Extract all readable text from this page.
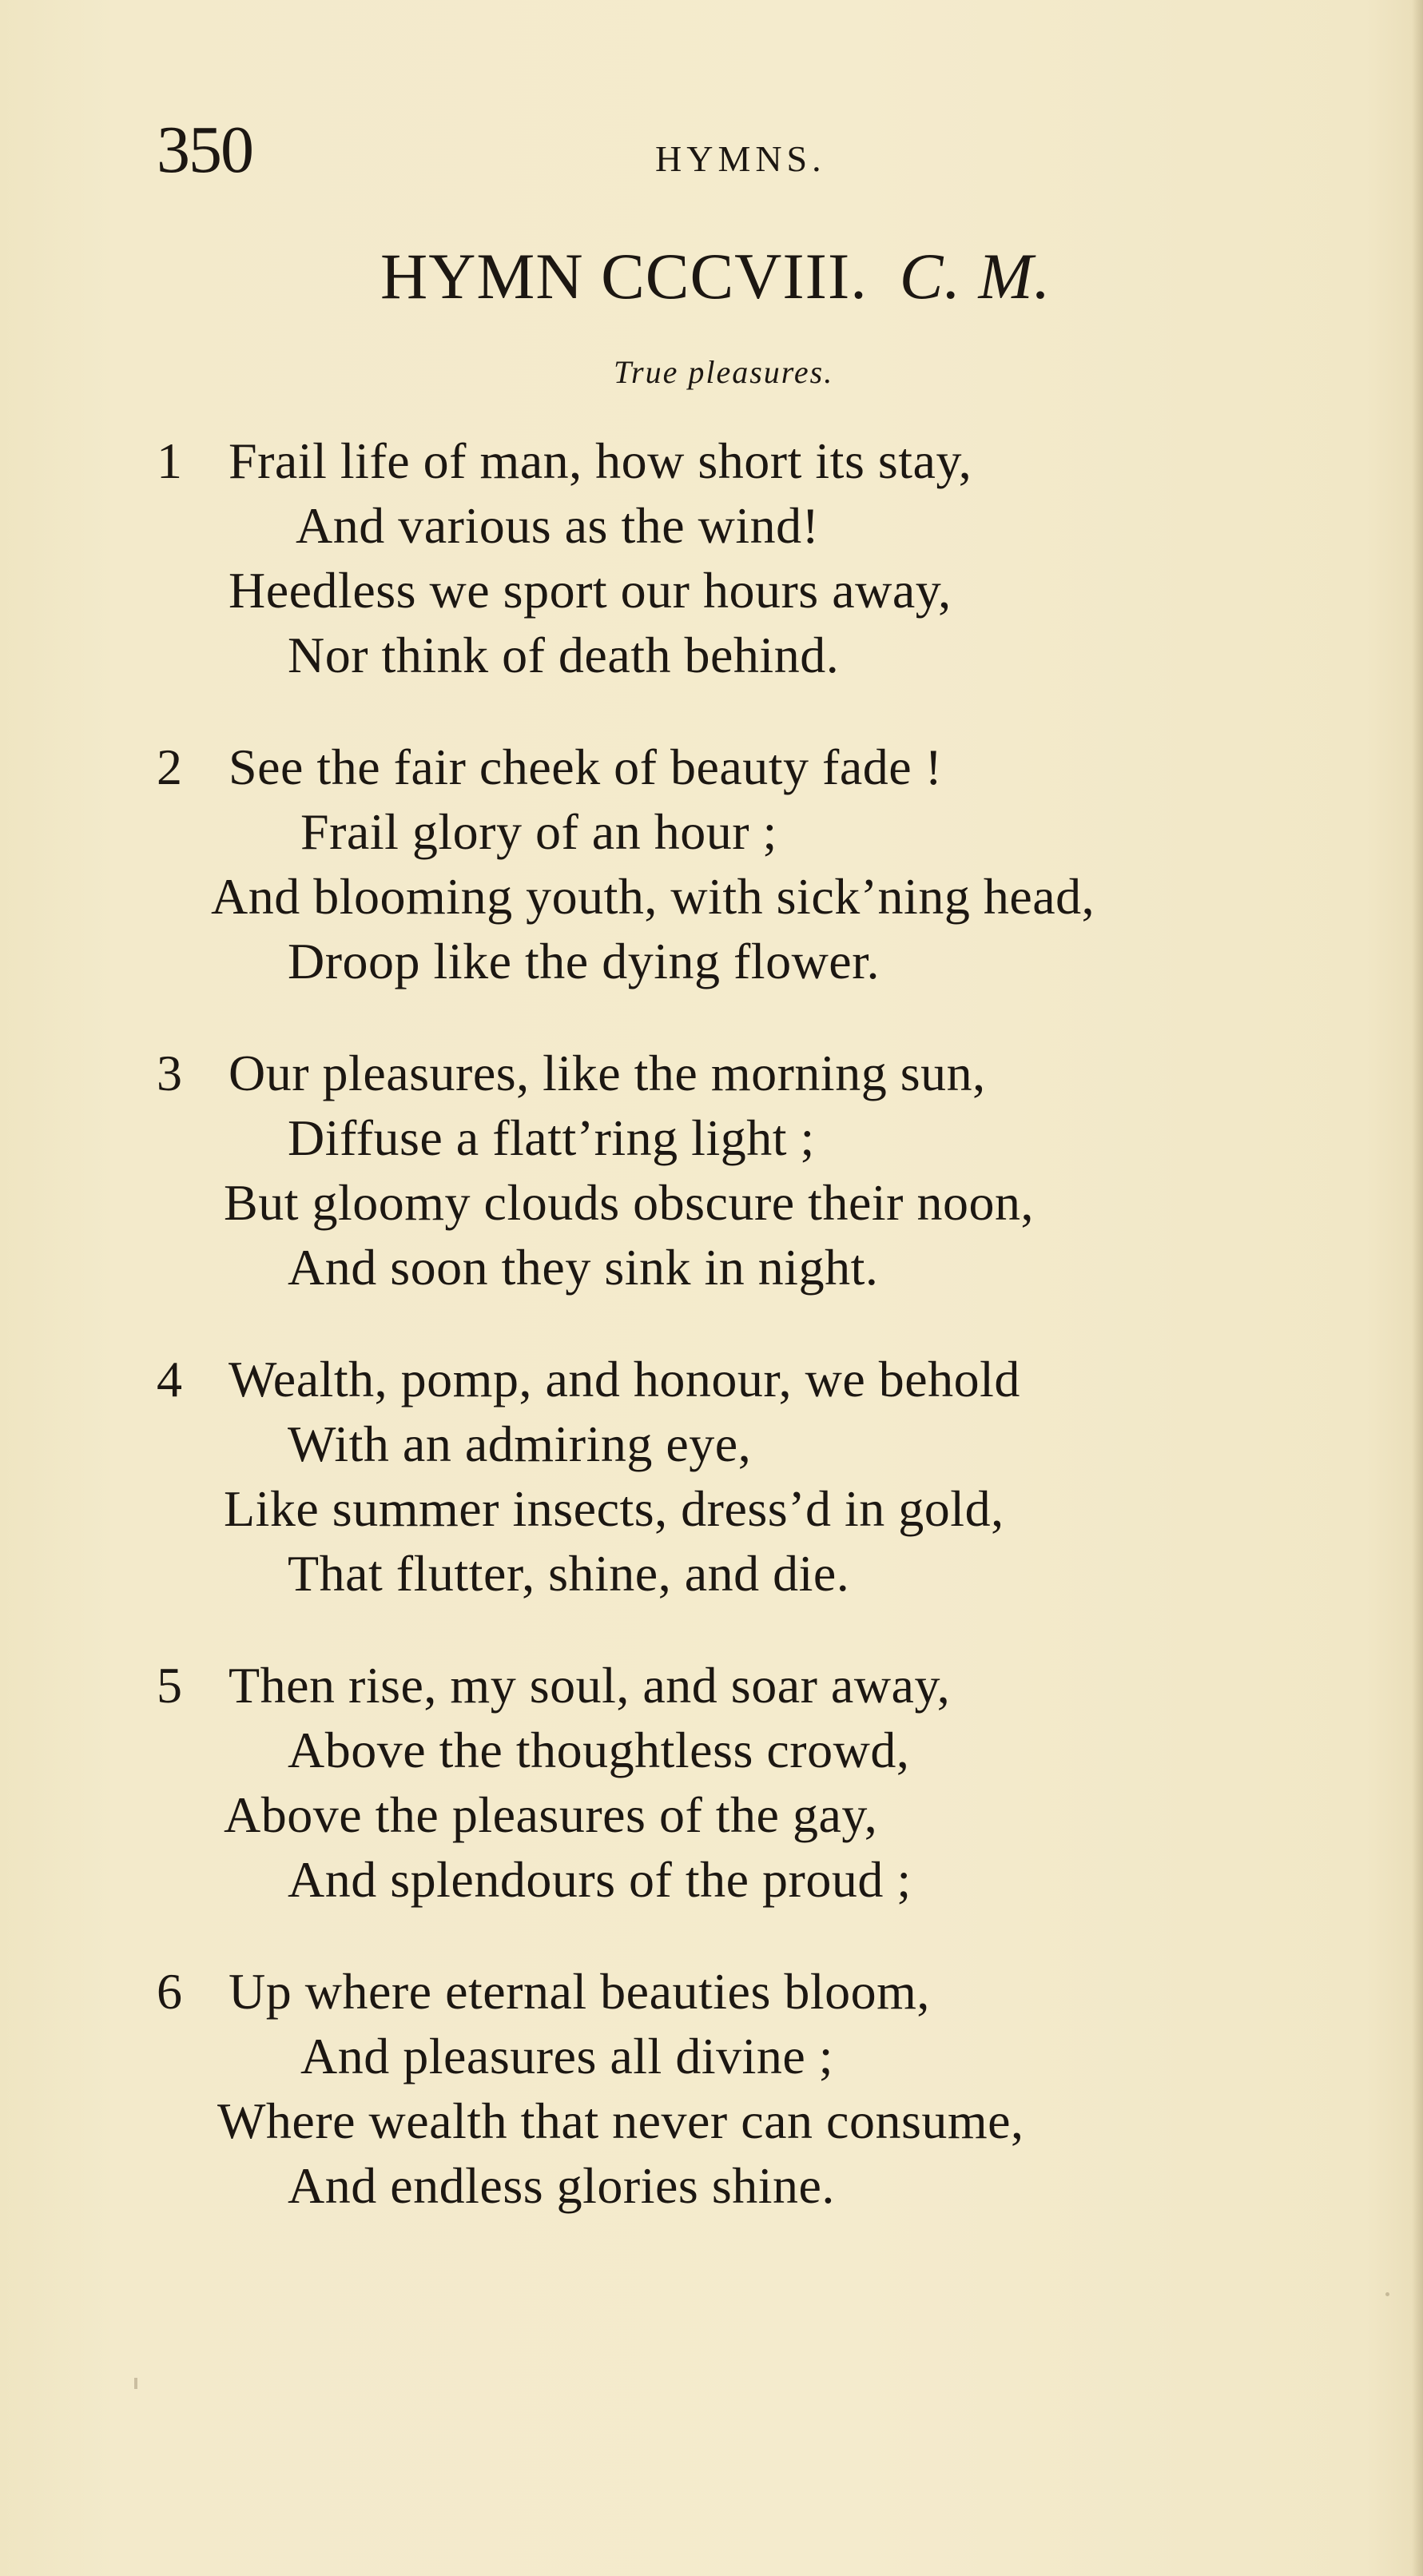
350	HYMNS.
HYMN CCCVIII. C. M.
True pleasures.
1 Frail life of man, how short its stay,
And various as the wind!
Heedless we sport our hours away,
Nor think of death behind.
2 See the fair cheek of beauty fade !
Frail glory of an hour ;
And blooming youth, with sick’ning head,
Droop like the dying flower.
3 Our pleasures, like the morning sun,
Diffuse a flatt’ring light ;
But gloomy clouds obscure their noon,
And soon they sink in night.
4 Wealth, pomp, and honour, we behold
With an admiring eye,
Like summer insects, dress’d in gold,
That flutter, shine, and die.
5 Then rise, my soul, and soar away,
Above the thoughtless crowd,
Above the pleasures of the gay,
And splendours of the proud ;
6 Up where eternal beauties bloom,
And pleasures all divine ;
Where wealth that never can consume,
And endless glories shine.
